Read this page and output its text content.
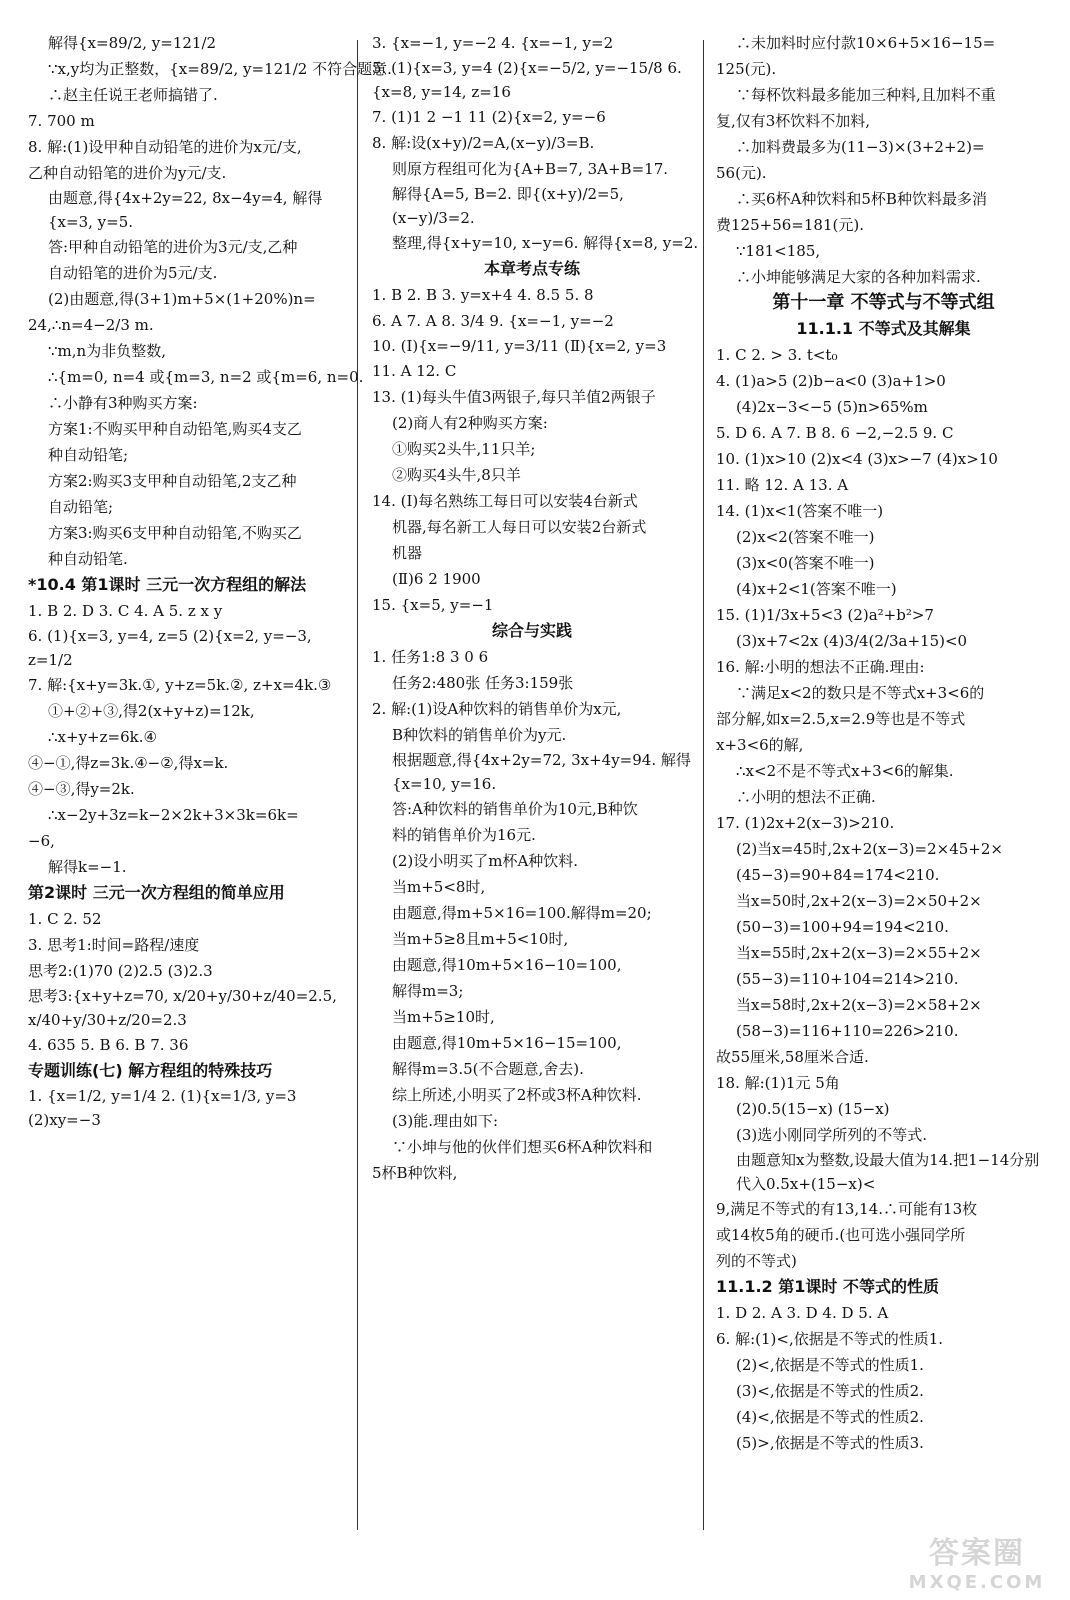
解得{x=89/2, y=121/2
∵x,y均为正整数，{x=89/2, y=121/2 不符合题意.
∴赵主任说王老师搞错了.
7. 700 m
8. 解:(1)设甲种自动铅笔的进价为x元/支,
乙种自动铅笔的进价为y元/支.
由题意,得{4x+2y=22, 8x−4y=4, 解得{x=3, y=5.
答:甲种自动铅笔的进价为3元/支,乙种
自动铅笔的进价为5元/支.
(2)由题意,得(3+1)m+5×(1+20%)n=
24,∴n=4−2/3 m.
∵m,n为非负整数,
∴{m=0, n=4 或{m=3, n=2 或{m=6, n=0.
∴小静有3种购买方案:
方案1:不购买甲种自动铅笔,购买4支乙
种自动铅笔;
方案2:购买3支甲种自动铅笔,2支乙种
自动铅笔;
方案3:购买6支甲种自动铅笔,不购买乙
种自动铅笔.
*10.4 第1课时 三元一次方程组的解法
1. B 2. D 3. C 4. A 5. z x y
6. (1){x=3, y=4, z=5 (2){x=2, y=−3, z=1/2
7. 解:{x+y=3k.①, y+z=5k.②, z+x=4k.③
①+②+③,得2(x+y+z)=12k,
∴x+y+z=6k.④
④−①,得z=3k.④−②,得x=k.
④−③,得y=2k.
∴x−2y+3z=k−2×2k+3×3k=6k=
−6,
解得k=−1.
第2课时 三元一次方程组的简单应用
1. C 2. 52
3. 思考1:时间=路程/速度
思考2:(1)70 (2)2.5 (3)2.3
思考3:{x+y+z=70, x/20+y/30+z/40=2.5, x/40+y/30+z/20=2.3
4. 635 5. B 6. B 7. 36
专题训练(七) 解方程组的特殊技巧
1. {x=1/2, y=1/4 2. (1){x=1/3, y=3 (2)xy=−3
3. {x=−1, y=−2 4. {x=−1, y=2
5. (1){x=3, y=4 (2){x=−5/2, y=−15/8 6. {x=8, y=14, z=16
7. (1)1 2 −1 11 (2){x=2, y=−6
8. 解:设(x+y)/2=A,(x−y)/3=B.
则原方程组可化为{A+B=7, 3A+B=17.
解得{A=5, B=2. 即{(x+y)/2=5, (x−y)/3=2.
整理,得{x+y=10, x−y=6. 解得{x=8, y=2.
本章考点专练
1. B 2. B 3. y=x+4 4. 8.5 5. 8
6. A 7. A 8. 3/4 9. {x=−1, y=−2
10. (Ⅰ){x=−9/11, y=3/11 (Ⅱ){x=2, y=3
11. A 12. C
13. (1)每头牛值3两银子,每只羊值2两银子
(2)商人有2种购买方案:
①购买2头牛,11只羊;
②购买4头牛,8只羊
14. (Ⅰ)每名熟练工每日可以安装4台新式
机器,每名新工人每日可以安装2台新式
机器
(Ⅱ)6 2 1900
15. {x=5, y=−1
综合与实践
1. 任务1:8 3 0 6
任务2:480张 任务3:159张
2. 解:(1)设A种饮料的销售单价为x元,
B种饮料的销售单价为y元.
根据题意,得{4x+2y=72, 3x+4y=94. 解得{x=10, y=16.
答:A种饮料的销售单价为10元,B种饮
料的销售单价为16元.
(2)设小明买了m杯A种饮料.
当m+5<8时,
由题意,得m+5×16=100.解得m=20;
当m+5≥8且m+5<10时,
由题意,得10m+5×16−10=100,
解得m=3;
当m+5≥10时,
由题意,得10m+5×16−15=100,
解得m=3.5(不合题意,舍去).
综上所述,小明买了2杯或3杯A种饮料.
(3)能.理由如下:
∵小坤与他的伙伴们想买6杯A种饮料和
5杯B种饮料,
∴未加料时应付款10×6+5×16−15=
125(元).
∵每杯饮料最多能加三种料,且加料不重
复,仅有3杯饮料不加料,
∴加料费最多为(11−3)×(3+2+2)=
56(元).
∴买6杯A种饮料和5杯B种饮料最多消
费125+56=181(元).
∵181<185,
∴小坤能够满足大家的各种加料需求.
第十一章 不等式与不等式组
11.1.1 不等式及其解集
1. C 2. > 3. t<t₀
4. (1)a>5 (2)b−a<0 (3)a+1>0
(4)2x−3<−5 (5)n>65%m
5. D 6. A 7. B 8. 6 −2,−2.5 9. C
10. (1)x>10 (2)x<4 (3)x>−7 (4)x>10
11. 略 12. A 13. A
14. (1)x<1(答案不唯一)
(2)x<2(答案不唯一)
(3)x<0(答案不唯一)
(4)x+2<1(答案不唯一)
15. (1)1/3x+5<3 (2)a²+b²>7
(3)x+7<2x (4)3/4(2/3a+15)<0
16. 解:小明的想法不正确.理由:
∵满足x<2的数只是不等式x+3<6的
部分解,如x=2.5,x=2.9等也是不等式
x+3<6的解,
∴x<2不是不等式x+3<6的解集.
∴小明的想法不正确.
17. (1)2x+2(x−3)>210.
(2)当x=45时,2x+2(x−3)=2×45+2×
(45−3)=90+84=174<210.
当x=50时,2x+2(x−3)=2×50+2×
(50−3)=100+94=194<210.
当x=55时,2x+2(x−3)=2×55+2×
(55−3)=110+104=214>210.
当x=58时,2x+2(x−3)=2×58+2×
(58−3)=116+110=226>210.
故55厘米,58厘米合适.
18. 解:(1)1元 5角
(2)0.5(15−x) (15−x)
(3)选小刚同学所列的不等式.
由题意知x为整数,设最大值为14.把1−14分别代入0.5x+(15−x)<
9,满足不等式的有13,14.∴可能有13枚
或14枚5角的硬币.(也可选小强同学所
列的不等式)
11.1.2 第1课时 不等式的性质
1. D 2. A 3. D 4. D 5. A
6. 解:(1)<,依据是不等式的性质1.
(2)<,依据是不等式的性质1.
(3)<,依据是不等式的性质2.
(4)<,依据是不等式的性质2.
(5)>,依据是不等式的性质3.
答案圈
MXQE.COM
